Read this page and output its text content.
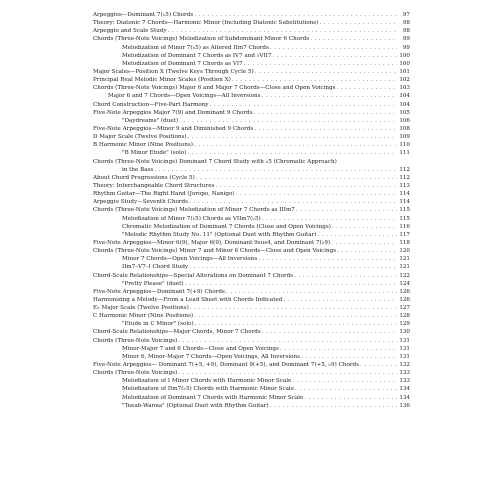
Arpeggios—Dominant 7(♭5) Chords . . .	97
Theory: Diatonic 7 Chords—Harmonic Minor (Including Diatonic Substitutions) . . .	98
Arpeggio and Scale Study . . .	98
Chords (Three-Note Voicings) Melodization of Subdominant Minor 6 Chords . . .	99
Melodization of Minor 7(♭5) as Altered IIm7 Chords . . .	99
Melodization of Dominant 7 Chords as IV7 and ♭VII7 . . .	100
Melodization of Dominant 7 Chords as VI7 . . .	100
Major Scales—Position X (Twelve Keys Through Cycle 5) . . .	101
Principal Real Melodic Minor Scales (Position X) . . .	102
Chords (Three-Note Voicings) Major 6 and Major 7 Chords—Close and Open Voicings . . .	103
Major 6 and 7 Chords—Open Voicings—All Inversions . . .	104
Chord Construction—Five-Part Harmony . . .	104
Five-Note Arpeggios Major 7(9) and Dominant 9 Chords . . .	105
"Daydreams" (duet) . . .	106
Five-Note Arpeggios—Minor 9 and Diminished 9 Chords . . .	108
D Major Scale (Twelve Positions) . . .	109
B Harmonic Minor (Nine Positions) . . .	110
"B Minor Etude" (solo) . . .	111
Chords (Three-Note Voicings) Dominant 7 Chord Study with ♭5 (Chromatic Approach)
in the Bass . . .	112
About Chord Progressions (Cycle 5) . . .	112
Theory: Interchangeable Chord Structures . . .	113
Rhythm Guitar—The Right Hand (Joropo, Nanigo) . . .	114
Arpeggio Study—Seventh Chords . . .	114
Chords (Three-Note Voicings) Melodization of Minor 7 Chords as IIIm7 . . .	115
Melodization of Minor 7(♭5) Chords as VIIm7(♭5) . . .	115
Chromatic Melodization of Dominant 7 Chords (Close and Open Voicings) . . .	116
"Melodic Rhythm Study No. 11" (Optional Duet with Rhythm Guitar) . . .	117
Five-Note Arpeggios—Minor 6(9), Major 6(9), Dominant 9sus4, and Dominant 7(♭9) . . .	118
Chords (Three-Note Voicings) Minor 7 and Minor 6 Chords—Close and Open Voicings . . .	120
Minor 7 Chords—Open Voicings—All Inversions . . .	121
IIm7–V7–I Chord Study . . .	121
Chord-Scale Relationships—Special Alterations on Dominant 7 Chords . . .	122
"Pretty Please" (duet) . . .	124
Five-Note Arpeggios—Dominant 7(+9) Chords . . .	126
Harmonizing a Melody—From a Lead Sheet with Chords Indicated . . .	126
E♭ Major Scale (Twelve Positions) . . .	127
C Harmonic Minor (Nine Positions) . . .	128
"Etude in C Minor" (solo) . . .	129
Chord-Scale Relationships—Major Chords, Minor 7 Chords . . .	130
Chords (Three-Note Voicings) . . .	131
Minor-Major 7 and 6 Chords—Close and Open Voicings . . .	131
Minor 6, Minor-Major 7 Chords—Open Voicings, All Inversions . . .	131
Five-Note Arpeggios— Dominant 7(+5, +9), Dominant 9(+5), and Dominant 7(+5, ♭9) Chords . . .	132
Chords (Three-Note Voicings) . . .	133
Melodization of I Minor Chords with Harmonic Minor Scale . . .	133
Melodization of IIm7(♭5) Chords with Harmonic Minor Scale . . .	134
Melodization of Dominant 7 Chords with Harmonic Minor Scale . . .	134
"Teeah-Wanna" (Optional Duet with Rhythm Guitar) . . .	136
